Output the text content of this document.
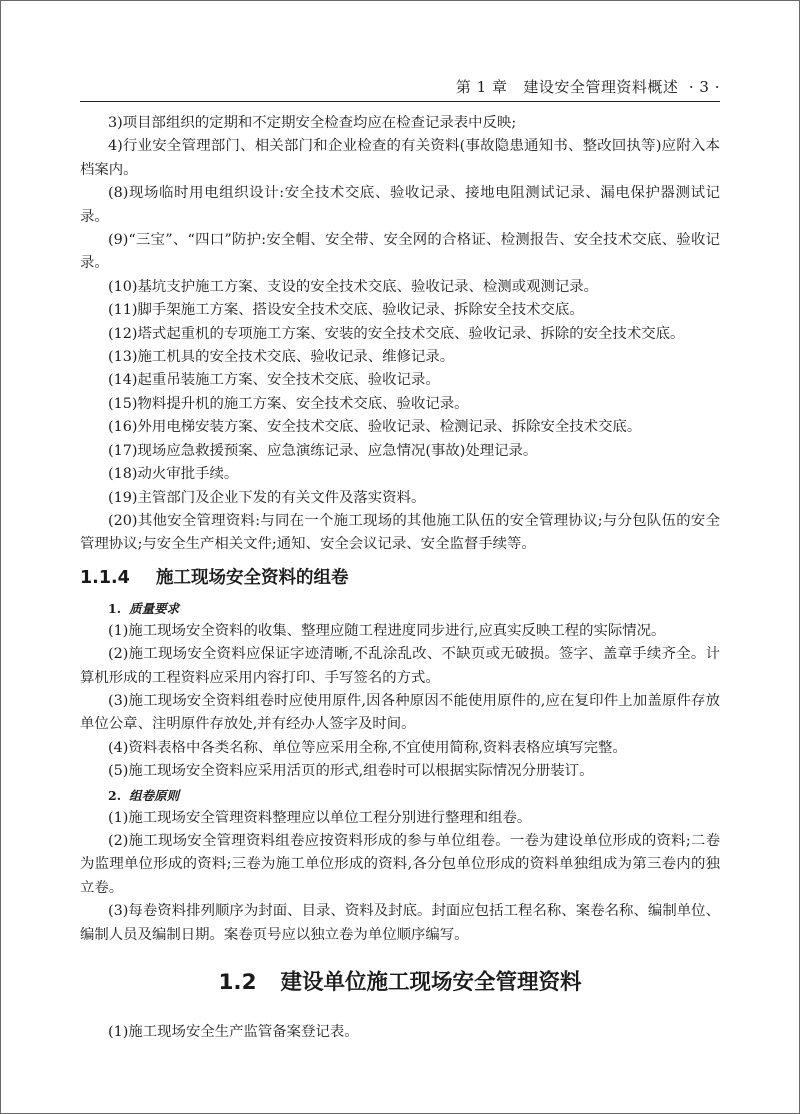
第 1 章 建设安全管理资料概述 · 3 ·

3)项目部组织的定期和不定期安全检查均应在检查记录表中反映;

4)行业安全管理部门、相关部门和企业检查的有关资料(事故隐患通知书、整改回执等)应附入本档案内。

(8)现场临时用电组织设计:安全技术交底、验收记录、接地电阻测试记录、漏电保护器测试记录。

(9)“三宝”、“四口”防护:安全帽、安全带、安全网的合格证、检测报告、安全技术交底、验收记录。

(10)基坑支护施工方案、支设的安全技术交底、验收记录、检测或观测记录。

(11)脚手架施工方案、搭设安全技术交底、验收记录、拆除安全技术交底。

(12)塔式起重机的专项施工方案、安装的安全技术交底、验收记录、拆除的安全技术交底。

(13)施工机具的安全技术交底、验收记录、维修记录。

(14)起重吊装施工方案、安全技术交底、验收记录。

(15)物料提升机的施工方案、安全技术交底、验收记录。

(16)外用电梯安装方案、安全技术交底、验收记录、检测记录、拆除安全技术交底。

(17)现场应急救援预案、应急演练记录、应急情况(事故)处理记录。

(18)动火审批手续。

(19)主管部门及企业下发的有关文件及落实资料。

(20)其他安全管理资料:与同在一个施工现场的其他施工队伍的安全管理协议;与分包队伍的安全管理协议;与安全生产相关文件;通知、安全会议记录、安全监督手续等。

1.1.4 施工现场安全资料的组卷
1. 质量要求

(1)施工现场安全资料的收集、整理应随工程进度同步进行,应真实反映工程的实际情况。

(2)施工现场安全资料应保证字迹清晰,不乱涂乱改、不缺页或无破损。签字、盖章手续齐全。计算机形成的工程资料应采用内容打印、手写签名的方式。

(3)施工现场安全资料组卷时应使用原件,因各种原因不能使用原件的,应在复印件上加盖原件存放单位公章、注明原件存放处,并有经办人签字及时间。

(4)资料表格中各类名称、单位等应采用全称,不宜使用简称,资料表格应填写完整。

(5)施工现场安全资料应采用活页的形式,组卷时可以根据实际情况分册装订。

2. 组卷原则

(1)施工现场安全管理资料整理应以单位工程分别进行整理和组卷。

(2)施工现场安全管理资料组卷应按资料形成的参与单位组卷。一卷为建设单位形成的资料;二卷为监理单位形成的资料;三卷为施工单位形成的资料,各分包单位形成的资料单独组成为第三卷内的独立卷。

(3)每卷资料排列顺序为封面、目录、资料及封底。封面应包括工程名称、案卷名称、编制单位、编制人员及编制日期。案卷页号应以独立卷为单位顺序编写。

1.2 建设单位施工现场安全管理资料

(1)施工现场安全生产监管备案登记表。
